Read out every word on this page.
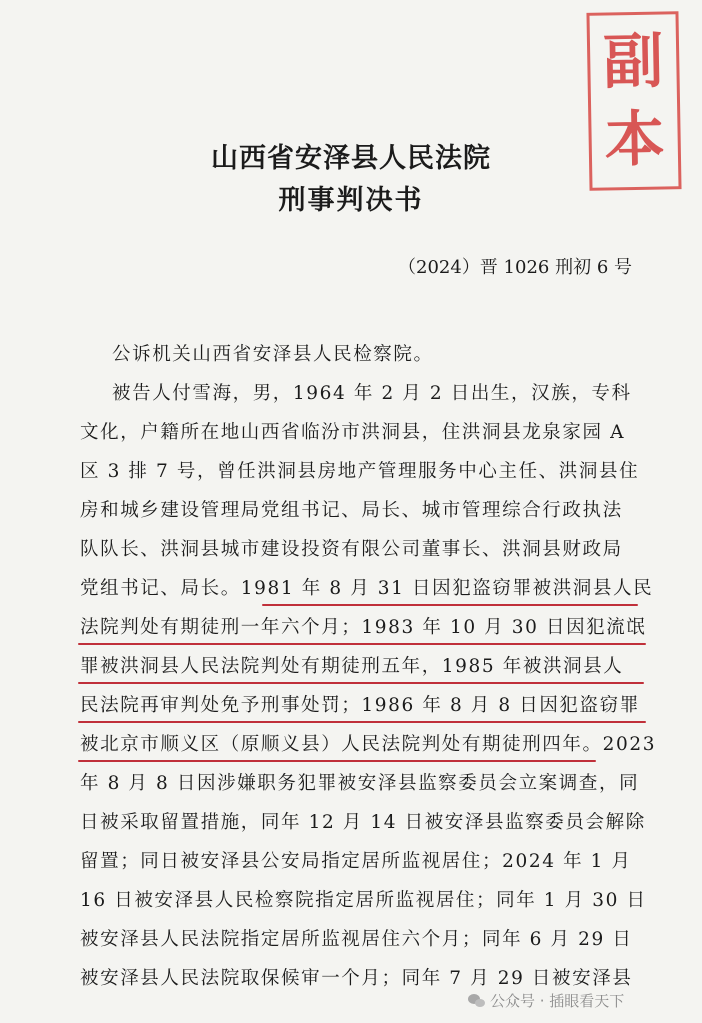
副
本
山西省安泽县人民法院
刑事判决书
（2024）晋 1026 刑初 6 号
公诉机关山西省安泽县人民检察院。
被告人付雪海，男，1964 年 2 月 2 日出生，汉族，专科
文化，户籍所在地山西省临汾市洪洞县，住洪洞县龙泉家园 A
区 3 排 7 号，曾任洪洞县房地产管理服务中心主任、洪洞县住
房和城乡建设管理局党组书记、局长、城市管理综合行政执法
队队长、洪洞县城市建设投资有限公司董事长、洪洞县财政局
党组书记、局长。1981 年 8 月 31 日因犯盗窃罪被洪洞县人民
法院判处有期徒刑一年六个月；1983 年 10 月 30 日因犯流氓
罪被洪洞县人民法院判处有期徒刑五年，1985 年被洪洞县人
民法院再审判处免予刑事处罚；1986 年 8 月 8 日因犯盗窃罪
被北京市顺义区（原顺义县）人民法院判处有期徒刑四年。2023
年 8 月 8 日因涉嫌职务犯罪被安泽县监察委员会立案调查，同
日被采取留置措施，同年 12 月 14 日被安泽县监察委员会解除
留置；同日被安泽县公安局指定居所监视居住；2024 年 1 月
16 日被安泽县人民检察院指定居所监视居住；同年 1 月 30 日
被安泽县人民法院指定居所监视居住六个月；同年 6 月 29 日
被安泽县人民法院取保候审一个月；同年 7 月 29 日被安泽县
公众号 · 插眼看天下
